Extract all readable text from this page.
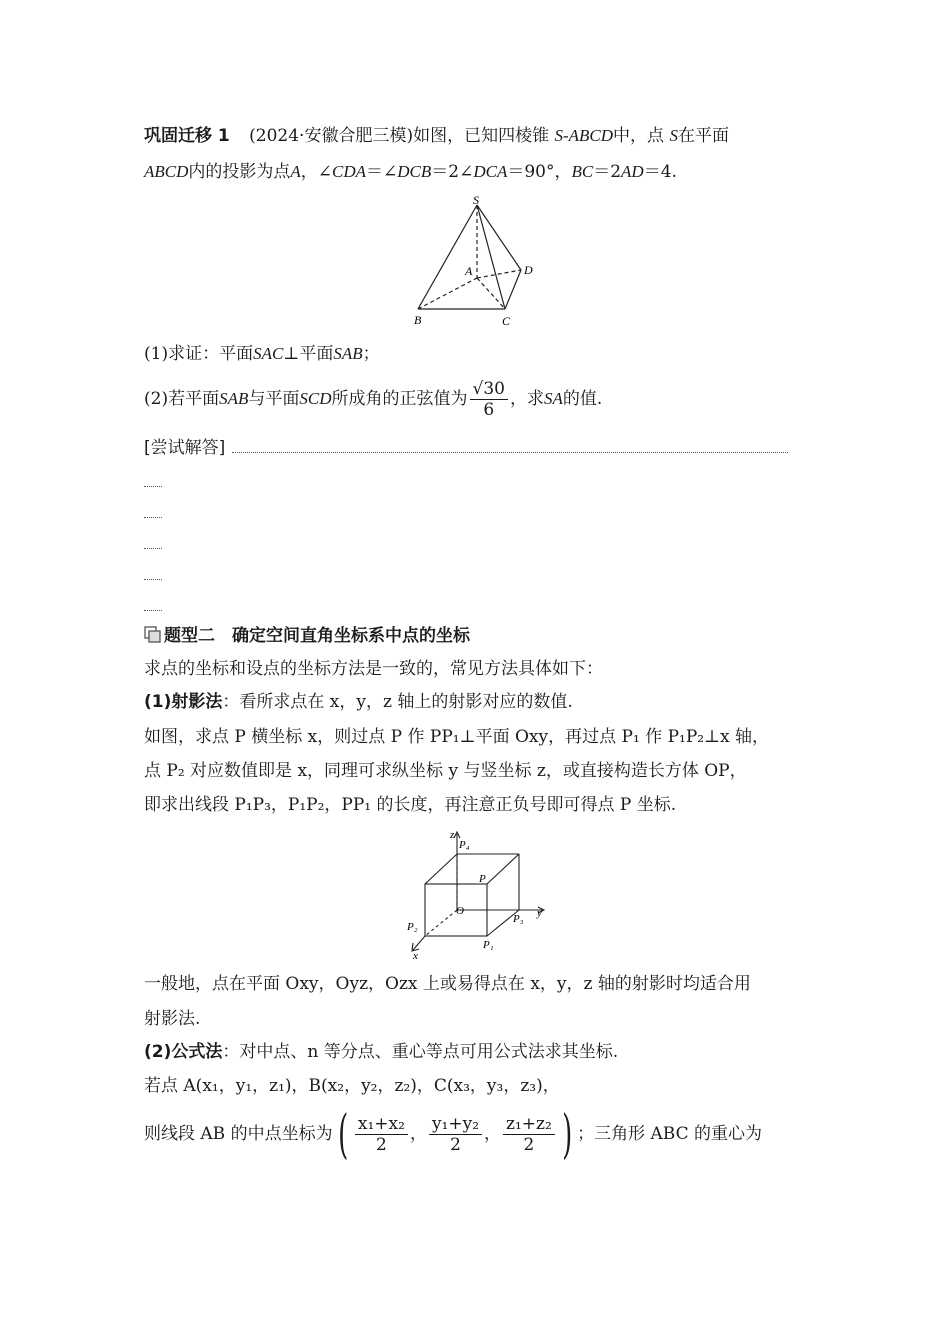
巩固迁移 1 (2024·安徽合肥三模)如图，已知四棱锥 S-ABCD中，点 S在平面
ABCD内的投影为点A，∠CDA＝∠DCB＝2∠DCA＝90°，BC＝2AD＝4.
S
A	D
B	C
(1)求证：平面SAC⊥平面SAB；
(2)若平面SAB与平面SCD所成角的正弦值为 $\frac{√30}{6}$ ，求SA的值.
[尝试解答]
题型二　确定空间直角坐标系中点的坐标
求点的坐标和设点的坐标方法是一致的，常见方法具体如下：
(1)射影法：看所求点在 x，y，z 轴上的射影对应的数值.
如图，求点 P 横坐标 x，则过点 P 作 PP₁⊥平面 Oxy，再过点 P₁ 作 P₁P₂⊥x 轴，
点 P₂ 对应数值即是 x，同理可求纵坐标 y 与竖坐标 z，或直接构造长方体 OP，
即求出线段 P₁P₃，P₁P₂，PP₁ 的长度，再注意正负号即可得点 P 坐标.
z
y
x
O
P
P₄
P₃
P₂
P₁
一般地，点在平面 Oxy，Oyz，Ozx 上或易得点在 x，y，z 轴的射影时均适合用
射影法.
(2)公式法：对中点、n 等分点、重心等点可用公式法求其坐标.
若点 A(x₁，y₁，z₁)，B(x₂，y₂，z₂)，C(x₃，y₃，z₃)，
则线段 AB 的中点坐标为( $\frac{\text{x₁+x₂}}{2}$ ， $\frac{\text{y₁+y₂}}{2}$ ， $\frac{\text{z₁+z₂}}{2}$ ) ；三角形 ABC 的重心为
